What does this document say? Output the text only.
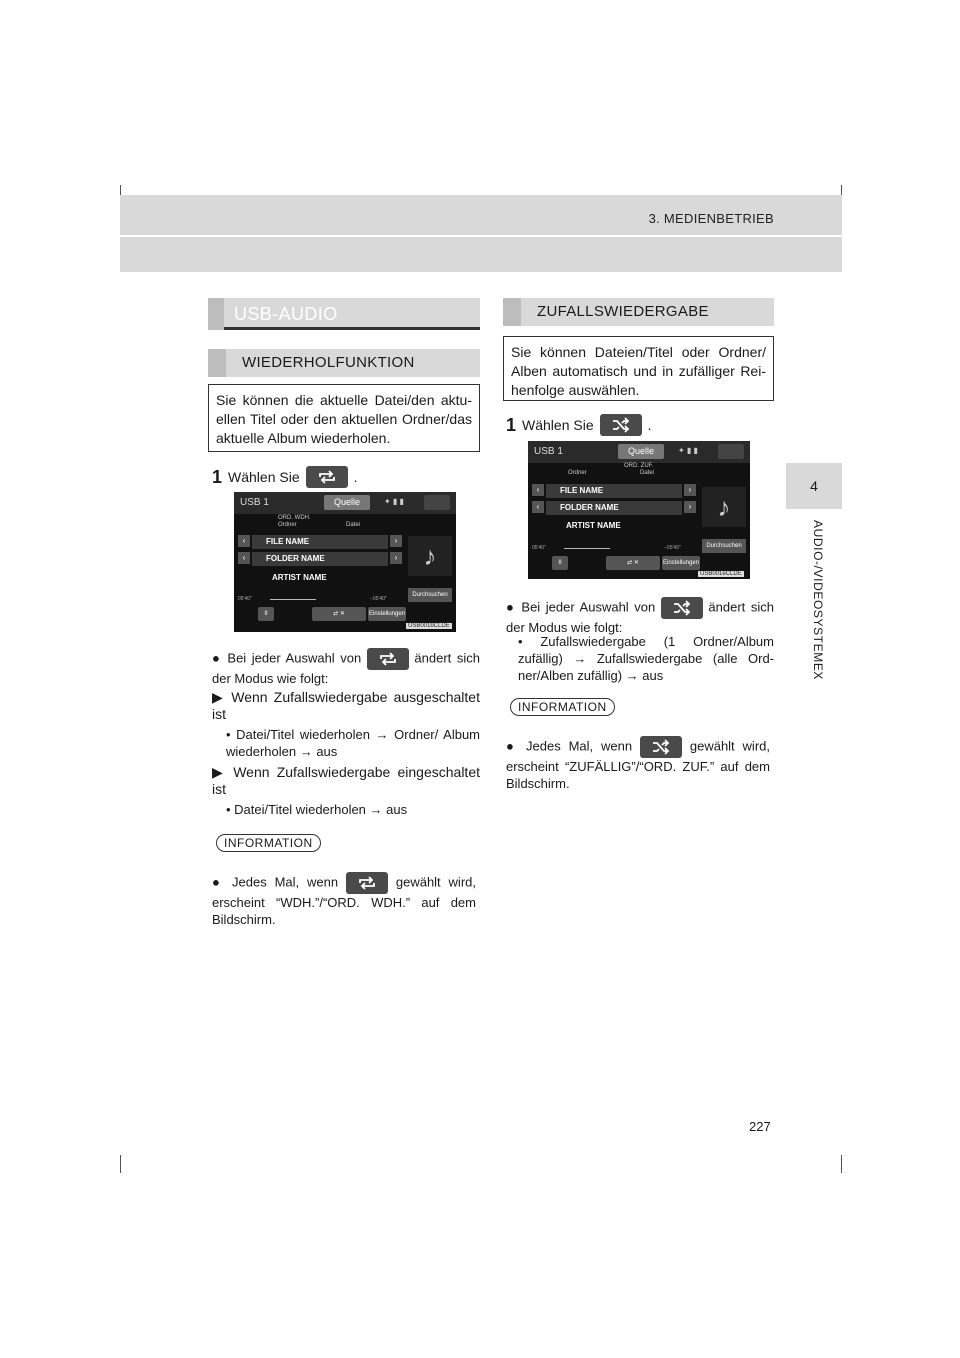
3. MEDIENBETRIEB
4
AUDIO-/VIDEOSYSTEMEX
USB-AUDIO
WIEDERHOLFUNKTION
Sie können die aktuelle Datei/den aktu-ellen Titel oder den aktuellen Ordner/das aktuelle Album wiederholen.
1 Wählen Sie	.
USB 1	Quelle	✦ ▮ ▮
ORD. WDH.
Ordner	Datei
‹	FILE NAME	›
‹	FOLDER NAME	›
ARTIST NAME
♪
Durchsuchen
05'40"	−05'40"
II	⇄ ✕	Einstellungen
USB001bCLDE
● Bei jeder Auswahl von	ändert sich der Modus wie folgt:
▶ Wenn Zufallswiedergabe ausgeschaltet ist
• Datei/Titel wiederholen → Ordner/ Album wiederholen → aus
▶ Wenn Zufallswiedergabe eingeschaltet ist
• Datei/Titel wiederholen → aus
INFORMATION
● Jedes Mal, wenn	gewählt wird, erscheint “WDH.”/“ORD. WDH.” auf dem Bildschirm.
ZUFALLSWIEDERGABE
Sie können Dateien/Titel oder Ordner/ Alben automatisch und in zufälliger Rei-henfolge auswählen.
1 Wählen Sie	.
USB 1	Quelle	✦ ▮ ▮
ORD. ZUF.
Ordner	Datei
‹	FILE NAME	›
‹	FOLDER NAME	›
ARTIST NAME
♪
Durchsuchen
05'40"	−05'40"
II	⇄ ✕	Einstellungen
USB001eCLDE
● Bei jeder Auswahl von	ändert sich der Modus wie folgt:
• Zufallswiedergabe (1 Ordner/Album zufällig) → Zufallswiedergabe (alle Ord-ner/Alben zufällig) → aus
INFORMATION
● Jedes Mal, wenn	gewählt wird, erscheint “ZUFÄLLIG”/“ORD. ZUF.” auf dem Bildschirm.
227
